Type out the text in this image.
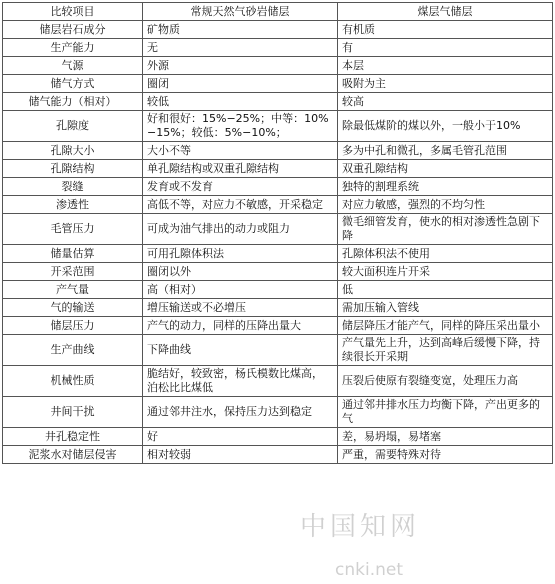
比较项目	常规天然气砂岩储层	煤层气储层
储层岩石成分	矿物质	有机质
生产能力	无	有
气源	外源	本层
储气方式	圈闭	吸附为主
储气能力（相对）	较低	较高
孔隙度	好和很好：15%−25%；中等：10%−15%；较低：5%−10%；	除最低煤阶的煤以外，一般小于10%
孔隙大小	大小不等	多为中孔和微孔，多属毛管孔范围
孔隙结构	单孔隙结构或双重孔隙结构	双重孔隙结构
裂缝	发育或不发育	独特的割理系统
渗透性	高低不等，对应力不敏感，开采稳定	对应力敏感，强烈的不均匀性
毛管压力	可成为油气排出的动力或阻力	微毛细管发育，使水的相对渗透性急剧下降
储量估算	可用孔隙体积法	孔隙体积法不使用
开采范围	圈闭以外	较大面积连片开采
产气量	高（相对）	低
气的输送	增压输送或不必增压	需加压输入管线
储层压力	产气的动力，同样的压降出量大	储层降压才能产气，同样的降压采出量小
生产曲线	下降曲线	产气量先上升，达到高峰后缓慢下降，持续很长开采期
机械性质	脆结好，较致密，杨氏模数比煤高，泊松比比煤低	压裂后使原有裂缝变宽，处理压力高
井间干扰	通过邻井注水，保持压力达到稳定	通过邻井排水压力均衡下降，产出更多的气
井孔稳定性	好	差，易坍塌，易堵塞
泥浆水对储层侵害	相对较弱	严重，需要特殊对待
中国知网
cnki.net
